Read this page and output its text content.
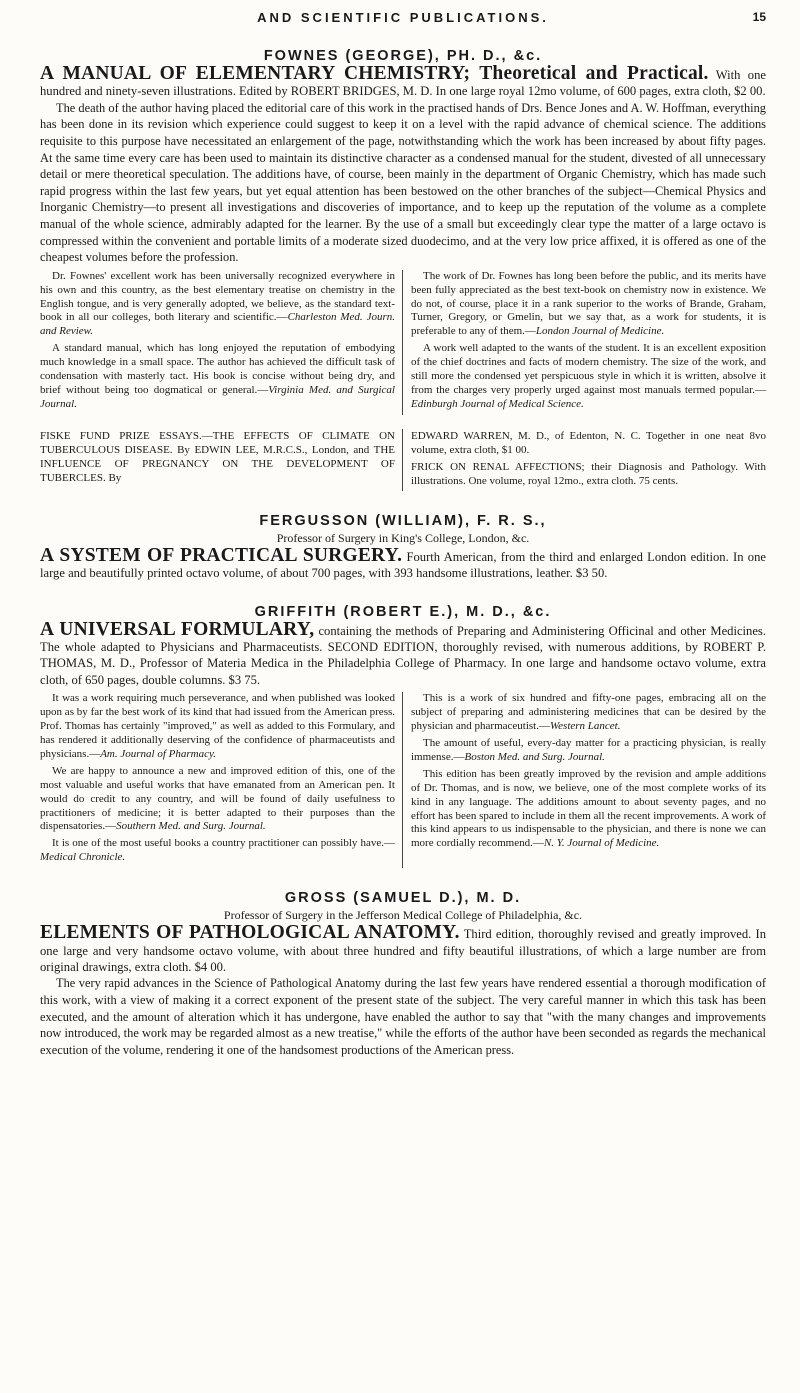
AND SCIENTIFIC PUBLICATIONS.	15
FOWNES (GEORGE), PH. D., &c.

A MANUAL OF ELEMENTARY CHEMISTRY; Theoretical and Practical. With one hundred and ninety-seven illustrations. Edited by ROBERT BRIDGES, M. D. In one large royal 12mo volume, of 600 pages, extra cloth, $2 00.

The death of the author having placed the editorial care of this work in the practised hands of Drs. Bence Jones and A. W. Hoffman, everything has been done in its revision which experience could suggest to keep it on a level with the rapid advance of chemical science. The additions requisite to this purpose have necessitated an enlargement of the page, notwithstanding which the work has been increased by about fifty pages. At the same time every care has been used to maintain its distinctive character as a condensed manual for the student, divested of all unnecessary detail or mere theoretical speculation. The additions have, of course, been mainly in the department of Organic Chemistry, which has made such rapid progress within the last few years, but yet equal attention has been bestowed on the other branches of the subject—Chemical Physics and Inorganic Chemistry—to present all investigations and discoveries of importance, and to keep up the reputation of the volume as a complete manual of the whole science, admirably adapted for the learner. By the use of a small but exceedingly clear type the matter of a large octavo is compressed within the convenient and portable limits of a moderate sized duodecimo, and at the very low price affixed, it is offered as one of the cheapest volumes before the profession.

Dr. Fownes' excellent work has been universally recognized everywhere in his own and this country, as the best elementary treatise on chemistry in the English tongue, and is very generally adopted, we believe, as the standard text-book in all our colleges, both literary and scientific.—Charleston Med. Journ. and Review.

A standard manual, which has long enjoyed the reputation of embodying much knowledge in a small space. The author has achieved the difficult task of condensation with masterly tact. His book is concise without being dry, and brief without being too dogmatical or general.—Virginia Med. and Surgical Journal.

The work of Dr. Fownes has long been before the public, and its merits have been fully appreciated as the best text-book on chemistry now in existence. We do not, of course, place it in a rank superior to the works of Brande, Graham, Turner, Gregory, or Gmelin, but we say that, as a work for students, it is preferable to any of them.—London Journal of Medicine.

A work well adapted to the wants of the student. It is an excellent exposition of the chief doctrines and facts of modern chemistry. The size of the work, and still more the condensed yet perspicuous style in which it is written, absolve it from the charges very properly urged against most manuals termed popular.—Edinburgh Journal of Medical Science.

FISKE FUND PRIZE ESSAYS.—THE EFFECTS OF CLIMATE ON TUBERCULOUS DISEASE. By EDWIN LEE, M.R.C.S., London, and THE INFLUENCE OF PREGNANCY ON THE DEVELOPMENT OF TUBERCLES. By

EDWARD WARREN, M. D., of Edenton, N. C. Together in one neat 8vo volume, extra cloth, $1 00.

FRICK ON RENAL AFFECTIONS; their Diagnosis and Pathology. With illustrations. One volume, royal 12mo., extra cloth. 75 cents.

FERGUSSON (WILLIAM), F. R. S.,
Professor of Surgery in King's College, London, &c.

A SYSTEM OF PRACTICAL SURGERY. Fourth American, from the third and enlarged London edition. In one large and beautifully printed octavo volume, of about 700 pages, with 393 handsome illustrations, leather. $3 50.

GRIFFITH (ROBERT E.), M. D., &c.

A UNIVERSAL FORMULARY, containing the methods of Preparing and Administering Officinal and other Medicines. The whole adapted to Physicians and Pharmaceutists. SECOND EDITION, thoroughly revised, with numerous additions, by ROBERT P. THOMAS, M. D., Professor of Materia Medica in the Philadelphia College of Pharmacy. In one large and handsome octavo volume, extra cloth, of 650 pages, double columns. $3 75.

It was a work requiring much perseverance, and when published was looked upon as by far the best work of its kind that had issued from the American press. Prof. Thomas has certainly "improved," as well as added to this Formulary, and has rendered it additionally deserving of the confidence of pharmaceutists and physicians.—Am. Journal of Pharmacy.

We are happy to announce a new and improved edition of this, one of the most valuable and useful works that have emanated from an American pen. It would do credit to any country, and will be found of daily usefulness to practitioners of medicine; it is better adapted to their purposes than the dispensatories.—Southern Med. and Surg. Journal.

It is one of the most useful books a country practitioner can possibly have.—Medical Chronicle.

This is a work of six hundred and fifty-one pages, embracing all on the subject of preparing and administering medicines that can be desired by the physician and pharmaceutist.—Western Lancet.

The amount of useful, every-day matter for a practicing physician, is really immense.—Boston Med. and Surg. Journal.

This edition has been greatly improved by the revision and ample additions of Dr. Thomas, and is now, we believe, one of the most complete works of its kind in any language. The additions amount to about seventy pages, and no effort has been spared to include in them all the recent improvements. A work of this kind appears to us indispensable to the physician, and there is none we can more cordially recommend.—N. Y. Journal of Medicine.

GROSS (SAMUEL D.), M. D.
Professor of Surgery in the Jefferson Medical College of Philadelphia, &c.

ELEMENTS OF PATHOLOGICAL ANATOMY. Third edition, thoroughly revised and greatly improved. In one large and very handsome octavo volume, with about three hundred and fifty beautiful illustrations, of which a large number are from original drawings, extra cloth. $4 00.

The very rapid advances in the Science of Pathological Anatomy during the last few years have rendered essential a thorough modification of this work, with a view of making it a correct exponent of the present state of the subject. The very careful manner in which this task has been executed, and the amount of alteration which it has undergone, have enabled the author to say that "with the many changes and improvements now introduced, the work may be regarded almost as a new treatise," while the efforts of the author have been seconded as regards the mechanical execution of the volume, rendering it one of the handsomest productions of the American press.
